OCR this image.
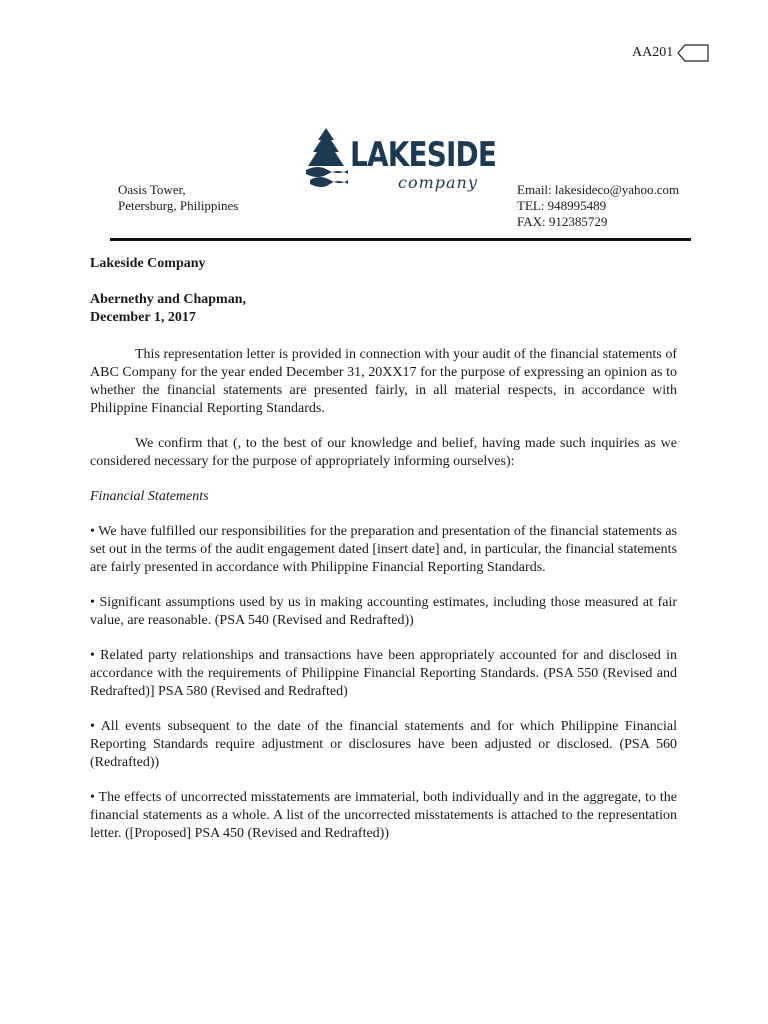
AA201
LAKESIDE
company
Oasis Tower,
Petersburg, Philippines
Email: lakesideco@yahoo.com
TEL: 948995489
FAX: 912385729

Lakeside Company

Abernethy and Chapman,

December 1, 2017

This representation letter is provided in connection with your audit of the financial statements of ABC Company for the year ended December 31, 20XX17 for the purpose of expressing an opinion as to whether the financial statements are presented fairly, in all material respects, in accordance with Philippine Financial Reporting Standards.

We confirm that (, to the best of our knowledge and belief, having made such inquiries as we considered necessary for the purpose of appropriately informing ourselves):

Financial Statements

• We have fulfilled our responsibilities for the preparation and presentation of the financial statements as set out in the terms of the audit engagement dated [insert date] and, in particular, the financial statements are fairly presented in accordance with Philippine Financial Reporting Standards.

• Significant assumptions used by us in making accounting estimates, including those measured at fair value, are reasonable. (PSA 540 (Revised and Redrafted))

• Related party relationships and transactions have been appropriately accounted for and disclosed in accordance with the requirements of Philippine Financial Reporting Standards. (PSA 550 (Revised and Redrafted)] PSA 580 (Revised and Redrafted)

• All events subsequent to the date of the financial statements and for which Philippine Financial Reporting Standards require adjustment or disclosures have been adjusted or disclosed. (PSA 560 (Redrafted))

• The effects of uncorrected misstatements are immaterial, both individually and in the aggregate, to the financial statements as a whole. A list of the uncorrected misstatements is attached to the representation letter. ([Proposed] PSA 450 (Revised and Redrafted))
